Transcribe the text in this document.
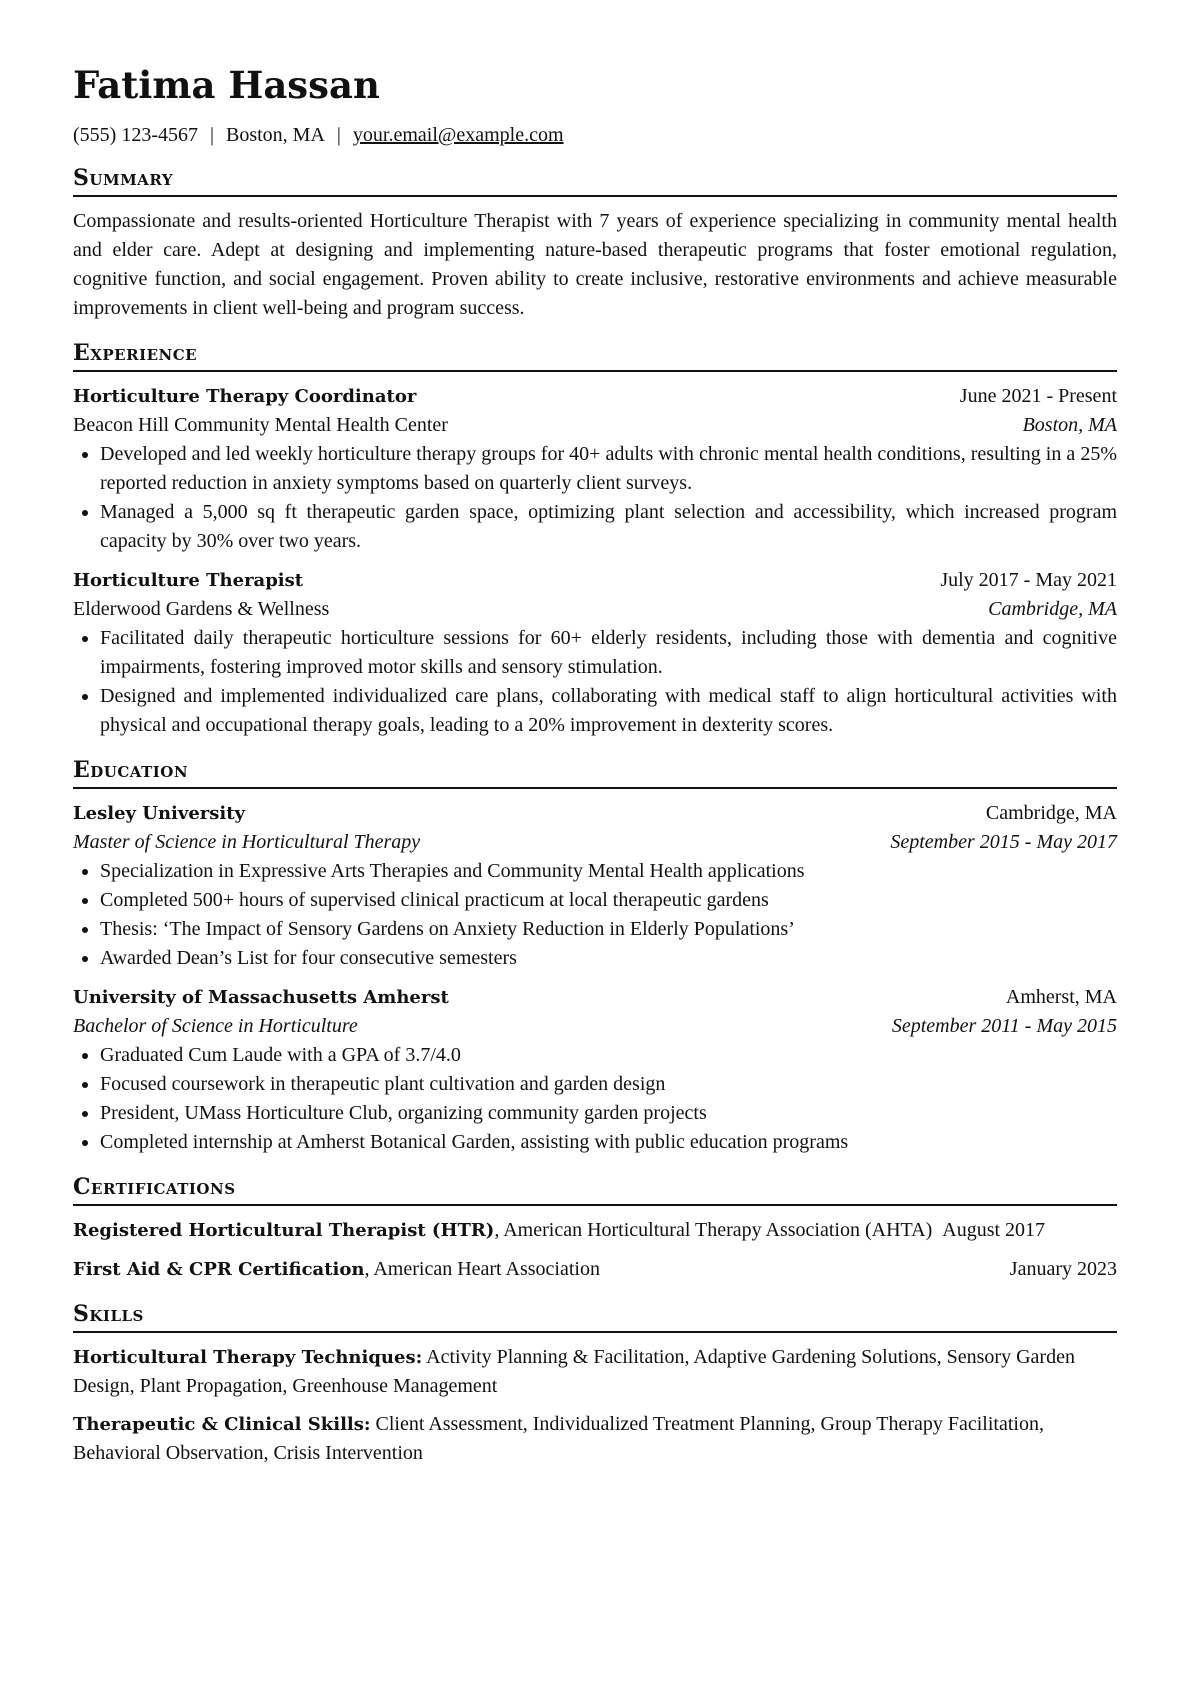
Fatima Hassan
(555) 123-4567 | Boston, MA | your.email@example.com
Summary
Compassionate and results-oriented Horticulture Therapist with 7 years of experience specializing in community mental health and elder care. Adept at designing and implementing nature-based therapeutic programs that foster emotional regulation, cognitive function, and social engagement. Proven ability to create inclusive, restorative environments and achieve measurable improvements in client well-being and program success.
Experience
Horticulture Therapy Coordinator	June 2021 - Present
Beacon Hill Community Mental Health Center	Boston, MA
• Developed and led weekly horticulture therapy groups for 40+ adults with chronic mental health conditions, resulting in a 25% reported reduction in anxiety symptoms based on quarterly client surveys.
• Managed a 5,000 sq ft therapeutic garden space, optimizing plant selection and accessibility, which increased program capacity by 30% over two years.
Horticulture Therapist	July 2017 - May 2021
Elderwood Gardens & Wellness	Cambridge, MA
• Facilitated daily therapeutic horticulture sessions for 60+ elderly residents, including those with dementia and cognitive impairments, fostering improved motor skills and sensory stimulation.
• Designed and implemented individualized care plans, collaborating with medical staff to align horticultural activities with physical and occupational therapy goals, leading to a 20% improvement in dexterity scores.
Education
Lesley University	Cambridge, MA
Master of Science in Horticultural Therapy	September 2015 - May 2017
• Specialization in Expressive Arts Therapies and Community Mental Health applications
• Completed 500+ hours of supervised clinical practicum at local therapeutic gardens
• Thesis: ‘The Impact of Sensory Gardens on Anxiety Reduction in Elderly Populations’
• Awarded Dean’s List for four consecutive semesters
University of Massachusetts Amherst	Amherst, MA
Bachelor of Science in Horticulture	September 2011 - May 2015
• Graduated Cum Laude with a GPA of 3.7/4.0
• Focused coursework in therapeutic plant cultivation and garden design
• President, UMass Horticulture Club, organizing community garden projects
• Completed internship at Amherst Botanical Garden, assisting with public education programs
Certifications
Registered Horticultural Therapist (HTR), American Horticultural Therapy Association (AHTA) August 2017
First Aid & CPR Certification, American Heart Association	January 2023
Skills
Horticultural Therapy Techniques: Activity Planning & Facilitation, Adaptive Gardening Solutions, Sensory Garden Design, Plant Propagation, Greenhouse Management
Therapeutic & Clinical Skills: Client Assessment, Individualized Treatment Planning, Group Therapy Facilitation, Behavioral Observation, Crisis Intervention
